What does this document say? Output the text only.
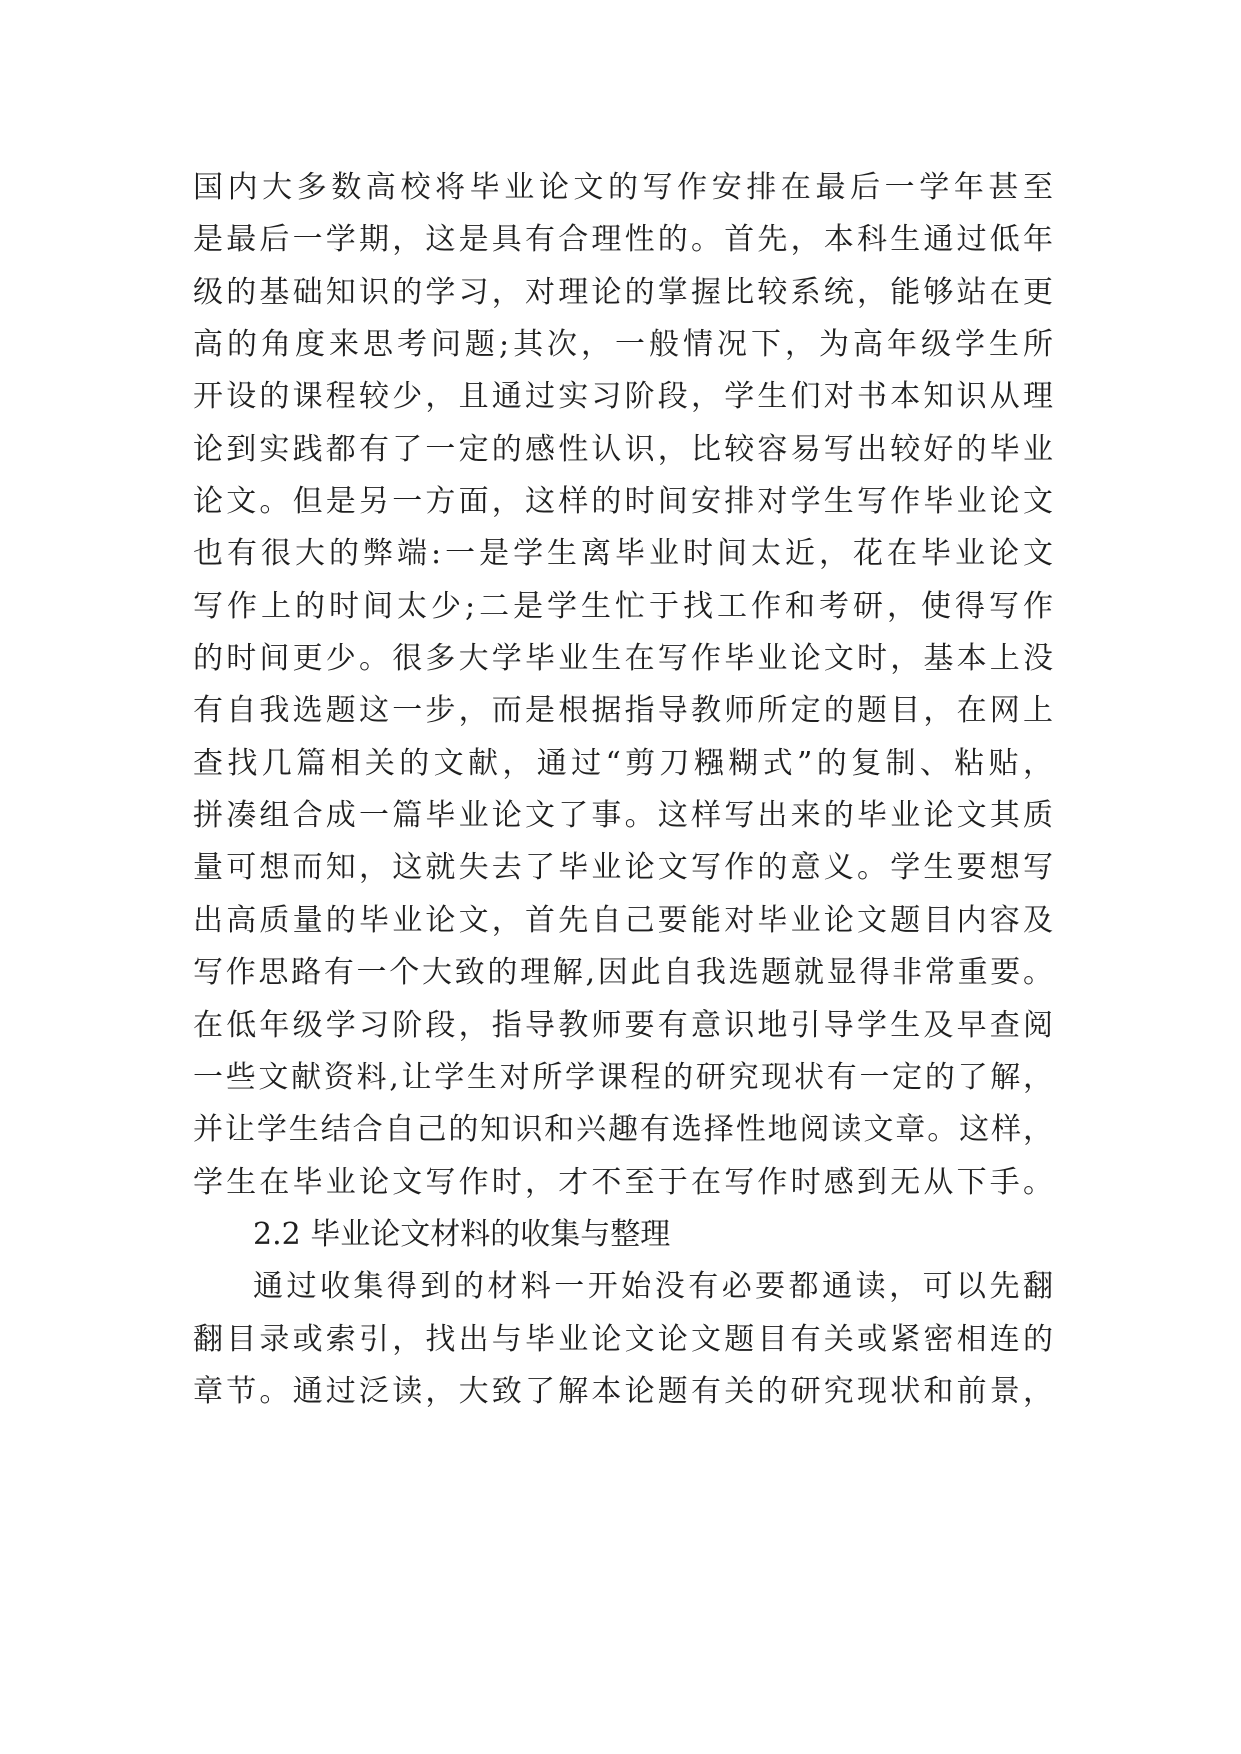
国内大多数高校将毕业论文的写作安排在最后一学年甚至
是最后一学期，这是具有合理性的。首先，本科生通过低年
级的基础知识的学习，对理论的掌握比较系统，能够站在更
高的角度来思考问题;其次，一般情况下，为高年级学生所
开设的课程较少，且通过实习阶段，学生们对书本知识从理
论到实践都有了一定的感性认识，比较容易写出较好的毕业
论文。但是另一方面，这样的时间安排对学生写作毕业论文
也有很大的弊端:一是学生离毕业时间太近，花在毕业论文
写作上的时间太少;二是学生忙于找工作和考研，使得写作
的时间更少。很多大学毕业生在写作毕业论文时，基本上没
有自我选题这一步，而是根据指导教师所定的题目，在网上
查找几篇相关的文献，通过“剪刀糨糊式”的复制、粘贴，
拼凑组合成一篇毕业论文了事。这样写出来的毕业论文其质
量可想而知，这就失去了毕业论文写作的意义。学生要想写
出高质量的毕业论文，首先自己要能对毕业论文题目内容及
写作思路有一个大致的理解,因此自我选题就显得非常重要。
在低年级学习阶段，指导教师要有意识地引导学生及早查阅
一些文献资料,让学生对所学课程的研究现状有一定的了解，
并让学生结合自己的知识和兴趣有选择性地阅读文章。这样，
学生在毕业论文写作时，才不至于在写作时感到无从下手。
2.2 毕业论文材料的收集与整理
通过收集得到的材料一开始没有必要都通读，可以先翻
翻目录或索引，找出与毕业论文论文题目有关或紧密相连的
章节。通过泛读，大致了解本论题有关的研究现状和前景，
